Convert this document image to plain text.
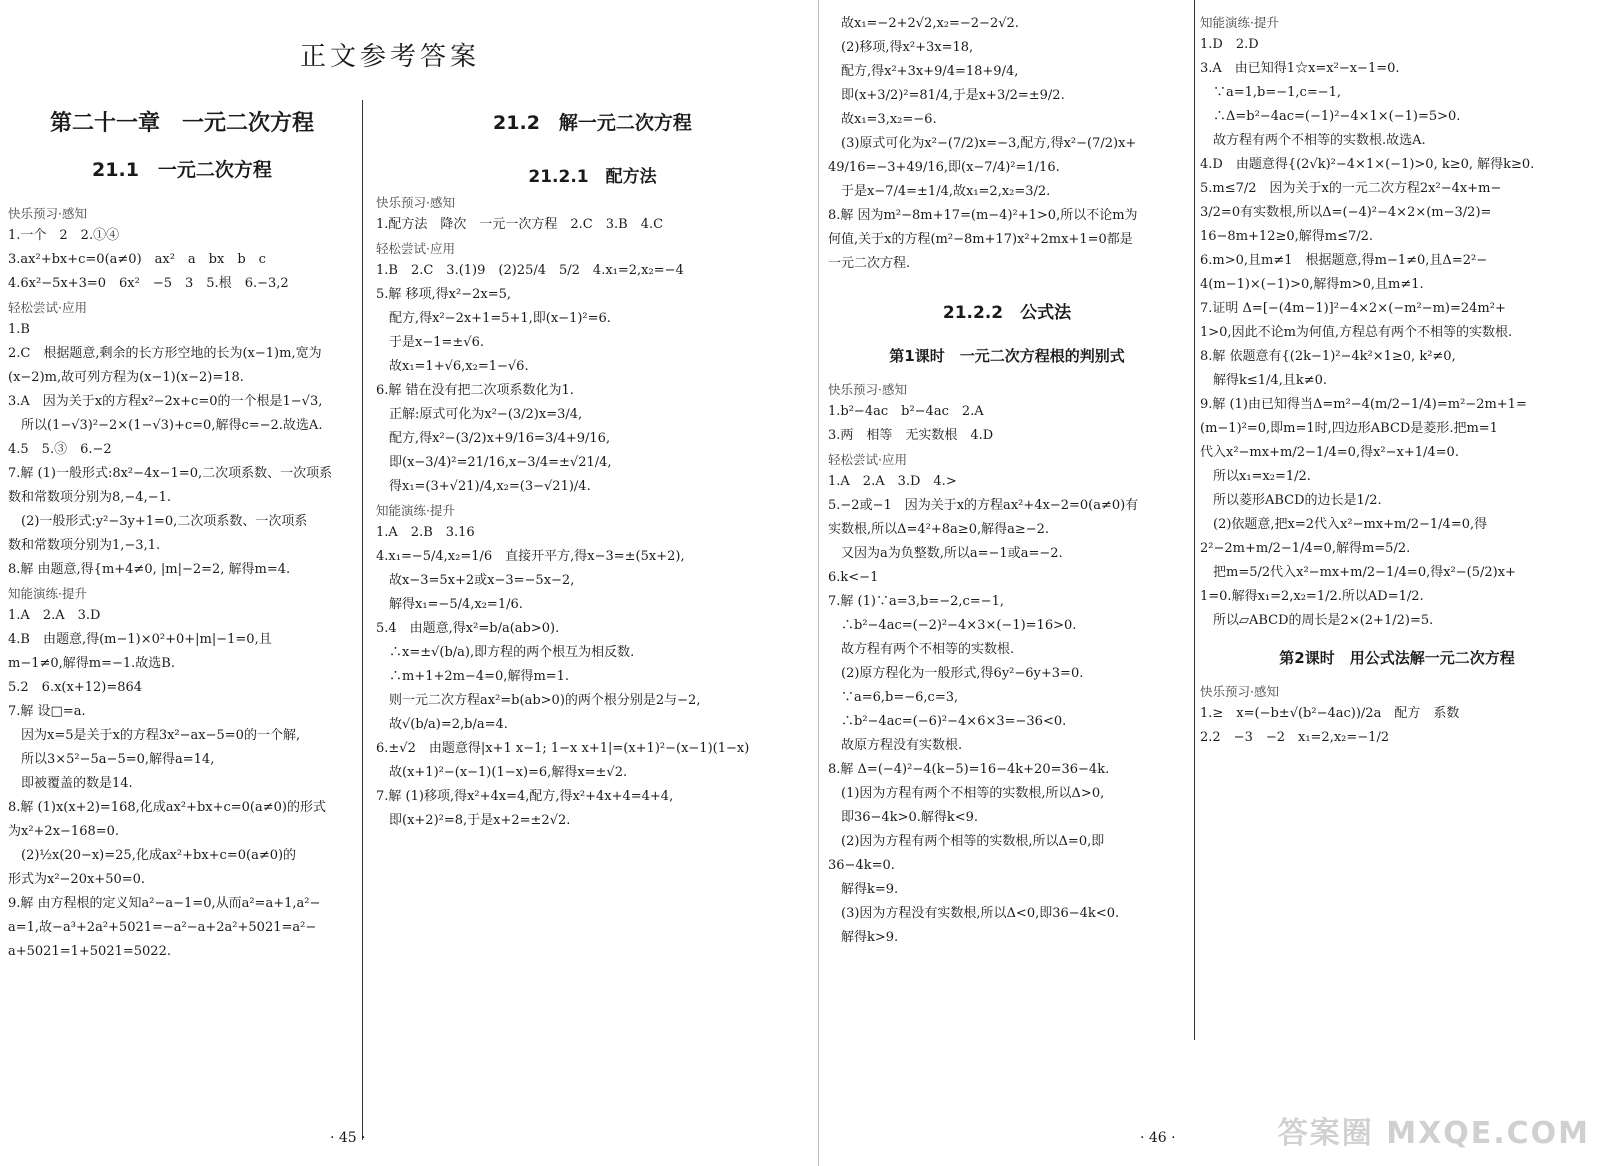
正文参考答案
第二十一章　一元二次方程
21.1　一元二次方程
快乐预习·感知
1.一个　2　2.①④
3.ax²+bx+c=0(a≠0)　ax²　a　bx　b　c
4.6x²−5x+3=0　6x²　−5　3　5.根　6.−3,2
轻松尝试·应用
1.B
2.C　根据题意,剩余的长方形空地的长为(x−1)m,宽为
(x−2)m,故可列方程为(x−1)(x−2)=18.
3.A　因为关于x的方程x²−2x+c=0的一个根是1−√3,
　所以(1−√3)²−2×(1−√3)+c=0,解得c=−2.故选A.
4.5　5.③　6.−2
7.解 (1)一般形式:8x²−4x−1=0,二次项系数、一次项系
数和常数项分别为8,−4,−1.
　(2)一般形式:y²−3y+1=0,二次项系数、一次项系
数和常数项分别为1,−3,1.
8.解 由题意,得{m+4≠0, |m|−2=2, 解得m=4.
知能演练·提升
1.A　2.A　3.D
4.B　由题意,得(m−1)×0²+0+|m|−1=0,且
m−1≠0,解得m=−1.故选B.
5.2　6.x(x+12)=864
7.解 设□=a.
　因为x=5是关于x的方程3x²−ax−5=0的一个解,
　所以3×5²−5a−5=0,解得a=14,
　即被覆盖的数是14.
8.解 (1)x(x+2)=168,化成ax²+bx+c=0(a≠0)的形式
为x²+2x−168=0.
　(2)½x(20−x)=25,化成ax²+bx+c=0(a≠0)的
形式为x²−20x+50=0.
9.解 由方程根的定义知a²−a−1=0,从而a²=a+1,a²−
a=1,故−a³+2a²+5021=−a²−a+2a²+5021=a²−
a+5021=1+5021=5022.
21.2　解一元二次方程
21.2.1　配方法
快乐预习·感知
1.配方法　降次　一元一次方程　2.C　3.B　4.C
轻松尝试·应用
1.B　2.C　3.(1)9　(2)25/4　5/2　4.x₁=2,x₂=−4
5.解 移项,得x²−2x=5,
　配方,得x²−2x+1=5+1,即(x−1)²=6.
　于是x−1=±√6.
　故x₁=1+√6,x₂=1−√6.
6.解 错在没有把二次项系数化为1.
　正解:原式可化为x²−(3/2)x=3/4,
　配方,得x²−(3/2)x+9/16=3/4+9/16,
　即(x−3/4)²=21/16,x−3/4=±√21/4,
　得x₁=(3+√21)/4,x₂=(3−√21)/4.
知能演练·提升
1.A　2.B　3.16
4.x₁=−5/4,x₂=1/6　直接开平方,得x−3=±(5x+2),
　故x−3=5x+2或x−3=−5x−2,
　解得x₁=−5/4,x₂=1/6.
5.4　由题意,得x²=b/a(ab>0).
　∴x=±√(b/a),即方程的两个根互为相反数.
　∴m+1+2m−4=0,解得m=1.
　则一元二次方程ax²=b(ab>0)的两个根分别是2与−2,
　故√(b/a)=2,b/a=4.
6.±√2　由题意得|x+1 x−1; 1−x x+1|=(x+1)²−(x−1)(1−x)
　故(x+1)²−(x−1)(1−x)=6,解得x=±√2.
7.解 (1)移项,得x²+4x=4,配方,得x²+4x+4=4+4,
　即(x+2)²=8,于是x+2=±2√2.
　故x₁=−2+2√2,x₂=−2−2√2.
　(2)移项,得x²+3x=18,
　配方,得x²+3x+9/4=18+9/4,
　即(x+3/2)²=81/4,于是x+3/2=±9/2.
　故x₁=3,x₂=−6.
　(3)原式可化为x²−(7/2)x=−3,配方,得x²−(7/2)x+
49/16=−3+49/16,即(x−7/4)²=1/16.
　于是x−7/4=±1/4,故x₁=2,x₂=3/2.
8.解 因为m²−8m+17=(m−4)²+1>0,所以不论m为
何值,关于x的方程(m²−8m+17)x²+2mx+1=0都是
一元二次方程.
21.2.2　公式法
第1课时　一元二次方程根的判别式
快乐预习·感知
1.b²−4ac　b²−4ac　2.A
3.两　相等　无实数根　4.D
轻松尝试·应用
1.A　2.A　3.D　4.>
5.−2或−1　因为关于x的方程ax²+4x−2=0(a≠0)有
实数根,所以Δ=4²+8a≥0,解得a≥−2.
　又因为a为负整数,所以a=−1或a=−2.
6.k<−1
7.解 (1)∵a=3,b=−2,c=−1,
　∴b²−4ac=(−2)²−4×3×(−1)=16>0.
　故方程有两个不相等的实数根.
　(2)原方程化为一般形式,得6y²−6y+3=0.
　∵a=6,b=−6,c=3,
　∴b²−4ac=(−6)²−4×6×3=−36<0.
　故原方程没有实数根.
8.解 Δ=(−4)²−4(k−5)=16−4k+20=36−4k.
　(1)因为方程有两个不相等的实数根,所以Δ>0,
　即36−4k>0.解得k<9.
　(2)因为方程有两个相等的实数根,所以Δ=0,即
36−4k=0.
　解得k=9.
　(3)因为方程没有实数根,所以Δ<0,即36−4k<0.
　解得k>9.
知能演练·提升
1.D　2.D
3.A　由已知得1☆x=x²−x−1=0.
　∵a=1,b=−1,c=−1,
　∴Δ=b²−4ac=(−1)²−4×1×(−1)=5>0.
　故方程有两个不相等的实数根.故选A.
4.D　由题意得{(2√k)²−4×1×(−1)>0, k≥0, 解得k≥0.
5.m≤7/2　因为关于x的一元二次方程2x²−4x+m−
3/2=0有实数根,所以Δ=(−4)²−4×2×(m−3/2)=
16−8m+12≥0,解得m≤7/2.
6.m>0,且m≠1　根据题意,得m−1≠0,且Δ=2²−
4(m−1)×(−1)>0,解得m>0,且m≠1.
7.证明 Δ=[−(4m−1)]²−4×2×(−m²−m)=24m²+
1>0,因此不论m为何值,方程总有两个不相等的实数根.
8.解 依题意有{(2k−1)²−4k²×1≥0, k²≠0,
　解得k≤1/4,且k≠0.
9.解 (1)由已知得当Δ=m²−4(m/2−1/4)=m²−2m+1=
(m−1)²=0,即m=1时,四边形ABCD是菱形.把m=1
代入x²−mx+m/2−1/4=0,得x²−x+1/4=0.
　所以x₁=x₂=1/2.
　所以菱形ABCD的边长是1/2.
　(2)依题意,把x=2代入x²−mx+m/2−1/4=0,得
2²−2m+m/2−1/4=0,解得m=5/2.
　把m=5/2代入x²−mx+m/2−1/4=0,得x²−(5/2)x+
1=0.解得x₁=2,x₂=1/2.所以AD=1/2.
　所以▱ABCD的周长是2×(2+1/2)=5.
第2课时　用公式法解一元二次方程
快乐预习·感知
1.≥　x=(−b±√(b²−4ac))/2a　配方　系数
2.2　−3　−2　x₁=2,x₂=−1/2
· 45 ·	· 46 ·	答案圈 MXQE.COM
